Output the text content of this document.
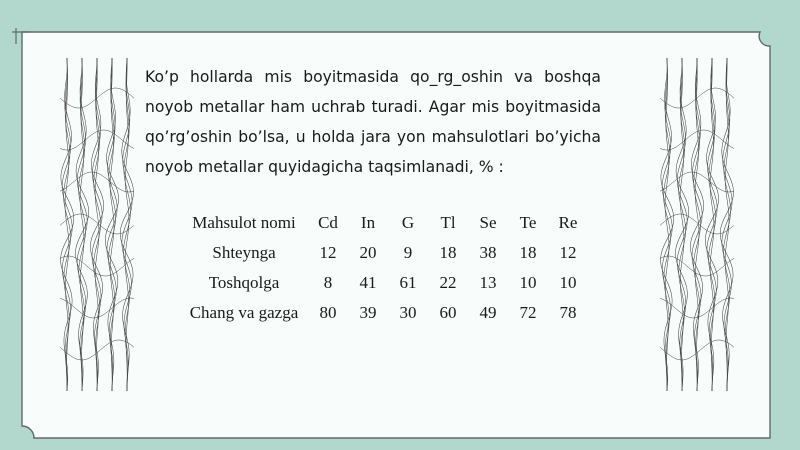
Ko’p hollarda mis boyitmasida qo_rg_oshin va boshqa noyob metallar ham uchrab turadi. Agar mis boyitmasida qo’rg’oshin bo’lsa, u holda jara yon mahsulotlari bo’yicha noyob metallar quyidagicha taqsimlanadi, % :

Mahsulot nomi	Cd	In	G	Tl	Se	Te	Re
Shteynga	12	20	9	18	38	18	12
Toshqolga	8	41	61	22	13	10	10
Chang va gazga	80	39	30	60	49	72	78
